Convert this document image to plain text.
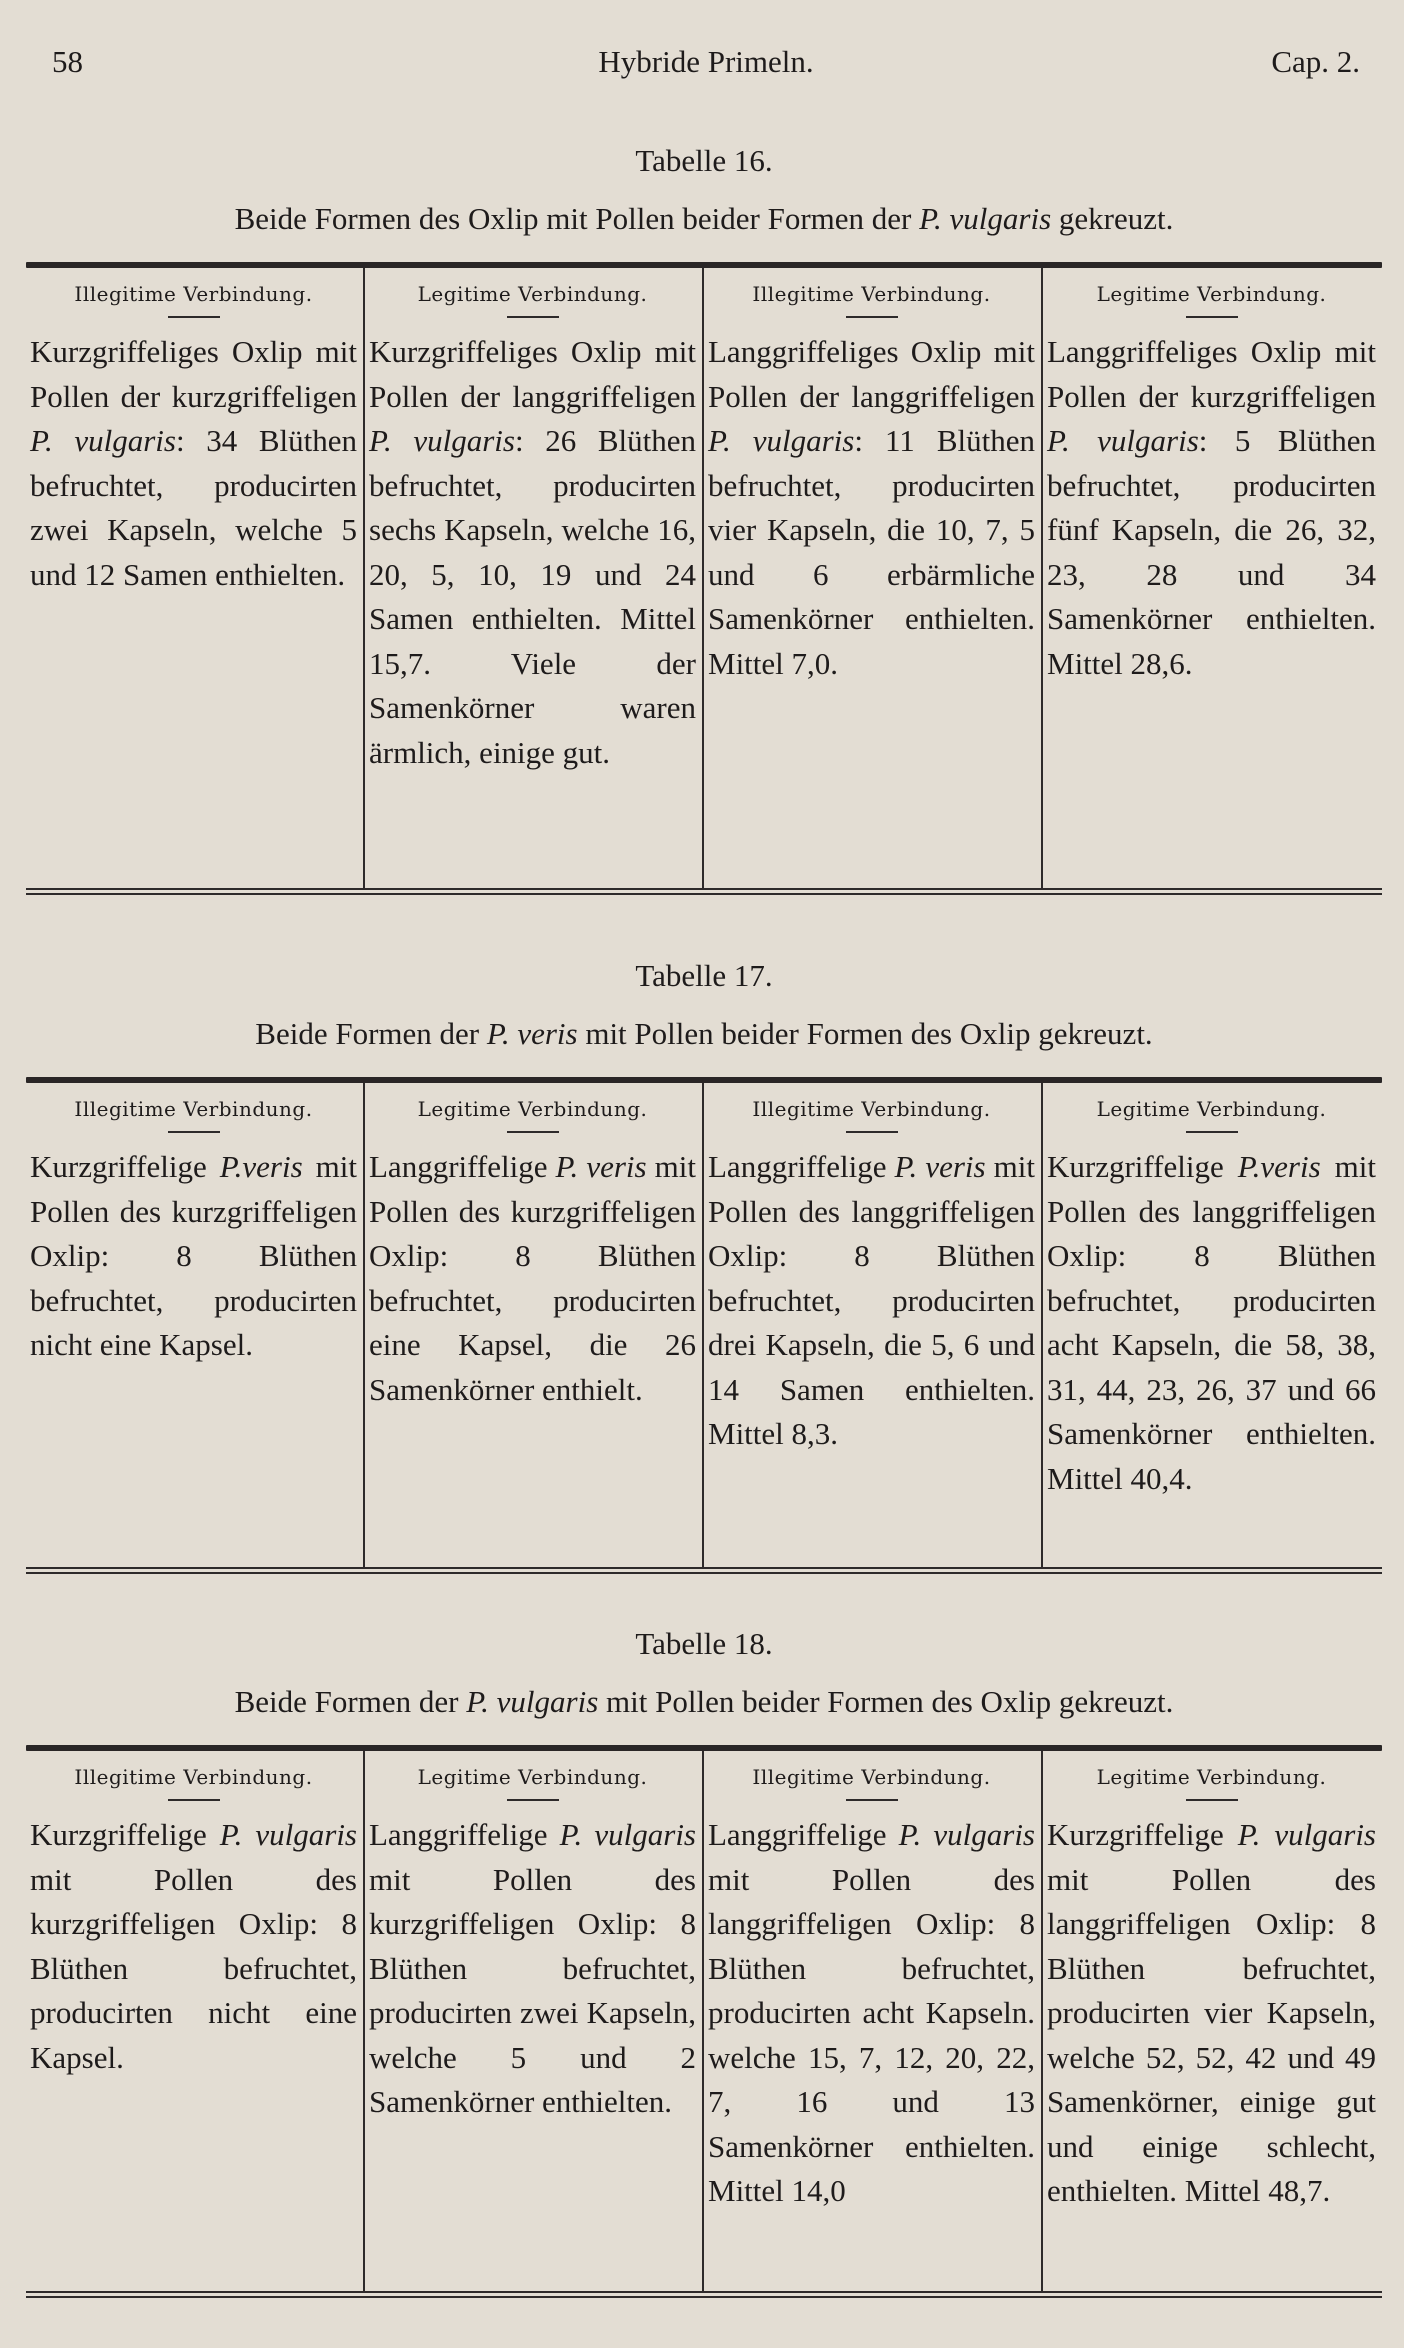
58	Hybride Primeln.	Cap. 2.
Tabelle 16.
Beide Formen des Oxlip mit Pollen beider Formen der P. vulgaris gekreuzt.
Illegitime Verbindung.
Kurzgriffeliges Oxlip mit Pollen der kurzgriffeligen P. vulgaris: 34 Blüthen befruchtet, producirten zwei Kapseln, welche 5 und 12 Samen enthielten.
Legitime Verbindung.
Kurzgriffeliges Oxlip mit Pollen der langgriffeligen P. vulgaris: 26 Blüthen befruchtet, producirten sechs Kapseln, welche 16, 20, 5, 10, 19 und 24 Samen enthielten. Mittel 15,7. Viele der Samenkörner waren ärmlich, einige gut.
Illegitime Verbindung.
Langgriffeliges Oxlip mit Pollen der langgriffeligen P. vulgaris: 11 Blüthen befruchtet, producirten vier Kapseln, die 10, 7, 5 und 6 erbärmliche Samenkörner enthielten. Mittel 7,0.
Legitime Verbindung.
Langgriffeliges Oxlip mit Pollen der kurzgriffeligen P. vulgaris: 5 Blüthen befruchtet, producirten fünf Kapseln, die 26, 32, 23, 28 und 34 Samenkörner enthielten. Mittel 28,6.
Tabelle 17.
Beide Formen der P. veris mit Pollen beider Formen des Oxlip gekreuzt.
Illegitime Verbindung.
Kurzgriffelige P.veris mit Pollen des kurzgriffeligen Oxlip: 8 Blüthen befruchtet, producirten nicht eine Kapsel.
Legitime Verbindung.
Langgriffelige P. veris mit Pollen des kurzgriffeligen Oxlip: 8 Blüthen befruchtet, producirten eine Kapsel, die 26 Samenkörner enthielt.
Illegitime Verbindung.
Langgriffelige P. veris mit Pollen des langgriffeligen Oxlip: 8 Blüthen befruchtet, producirten drei Kapseln, die 5, 6 und 14 Samen enthielten. Mittel 8,3.
Legitime Verbindung.
Kurzgriffelige P.veris mit Pollen des langgriffeligen Oxlip: 8 Blüthen befruchtet, producirten acht Kapseln, die 58, 38, 31, 44, 23, 26, 37 und 66 Samenkörner enthielten. Mittel 40,4.
Tabelle 18.
Beide Formen der P. vulgaris mit Pollen beider Formen des Oxlip gekreuzt.
Illegitime Verbindung.
Kurzgriffelige P. vulgaris mit Pollen des kurzgriffeligen Oxlip: 8 Blüthen befruchtet, producirten nicht eine Kapsel.
Legitime Verbindung.
Langgriffelige P. vulgaris mit Pollen des kurzgriffeligen Oxlip: 8 Blüthen befruchtet, producirten zwei Kapseln, welche 5 und 2 Samenkörner enthielten.
Illegitime Verbindung.
Langgriffelige P. vulgaris mit Pollen des langgriffeligen Oxlip: 8 Blüthen befruchtet, producirten acht Kapseln. welche 15, 7, 12, 20, 22, 7, 16 und 13 Samenkörner enthielten. Mittel 14,0
Legitime Verbindung.
Kurzgriffelige P. vulgaris mit Pollen des langgriffeligen Oxlip: 8 Blüthen befruchtet, producirten vier Kapseln, welche 52, 52, 42 und 49 Samenkörner, einige gut und einige schlecht, enthielten. Mittel 48,7.
